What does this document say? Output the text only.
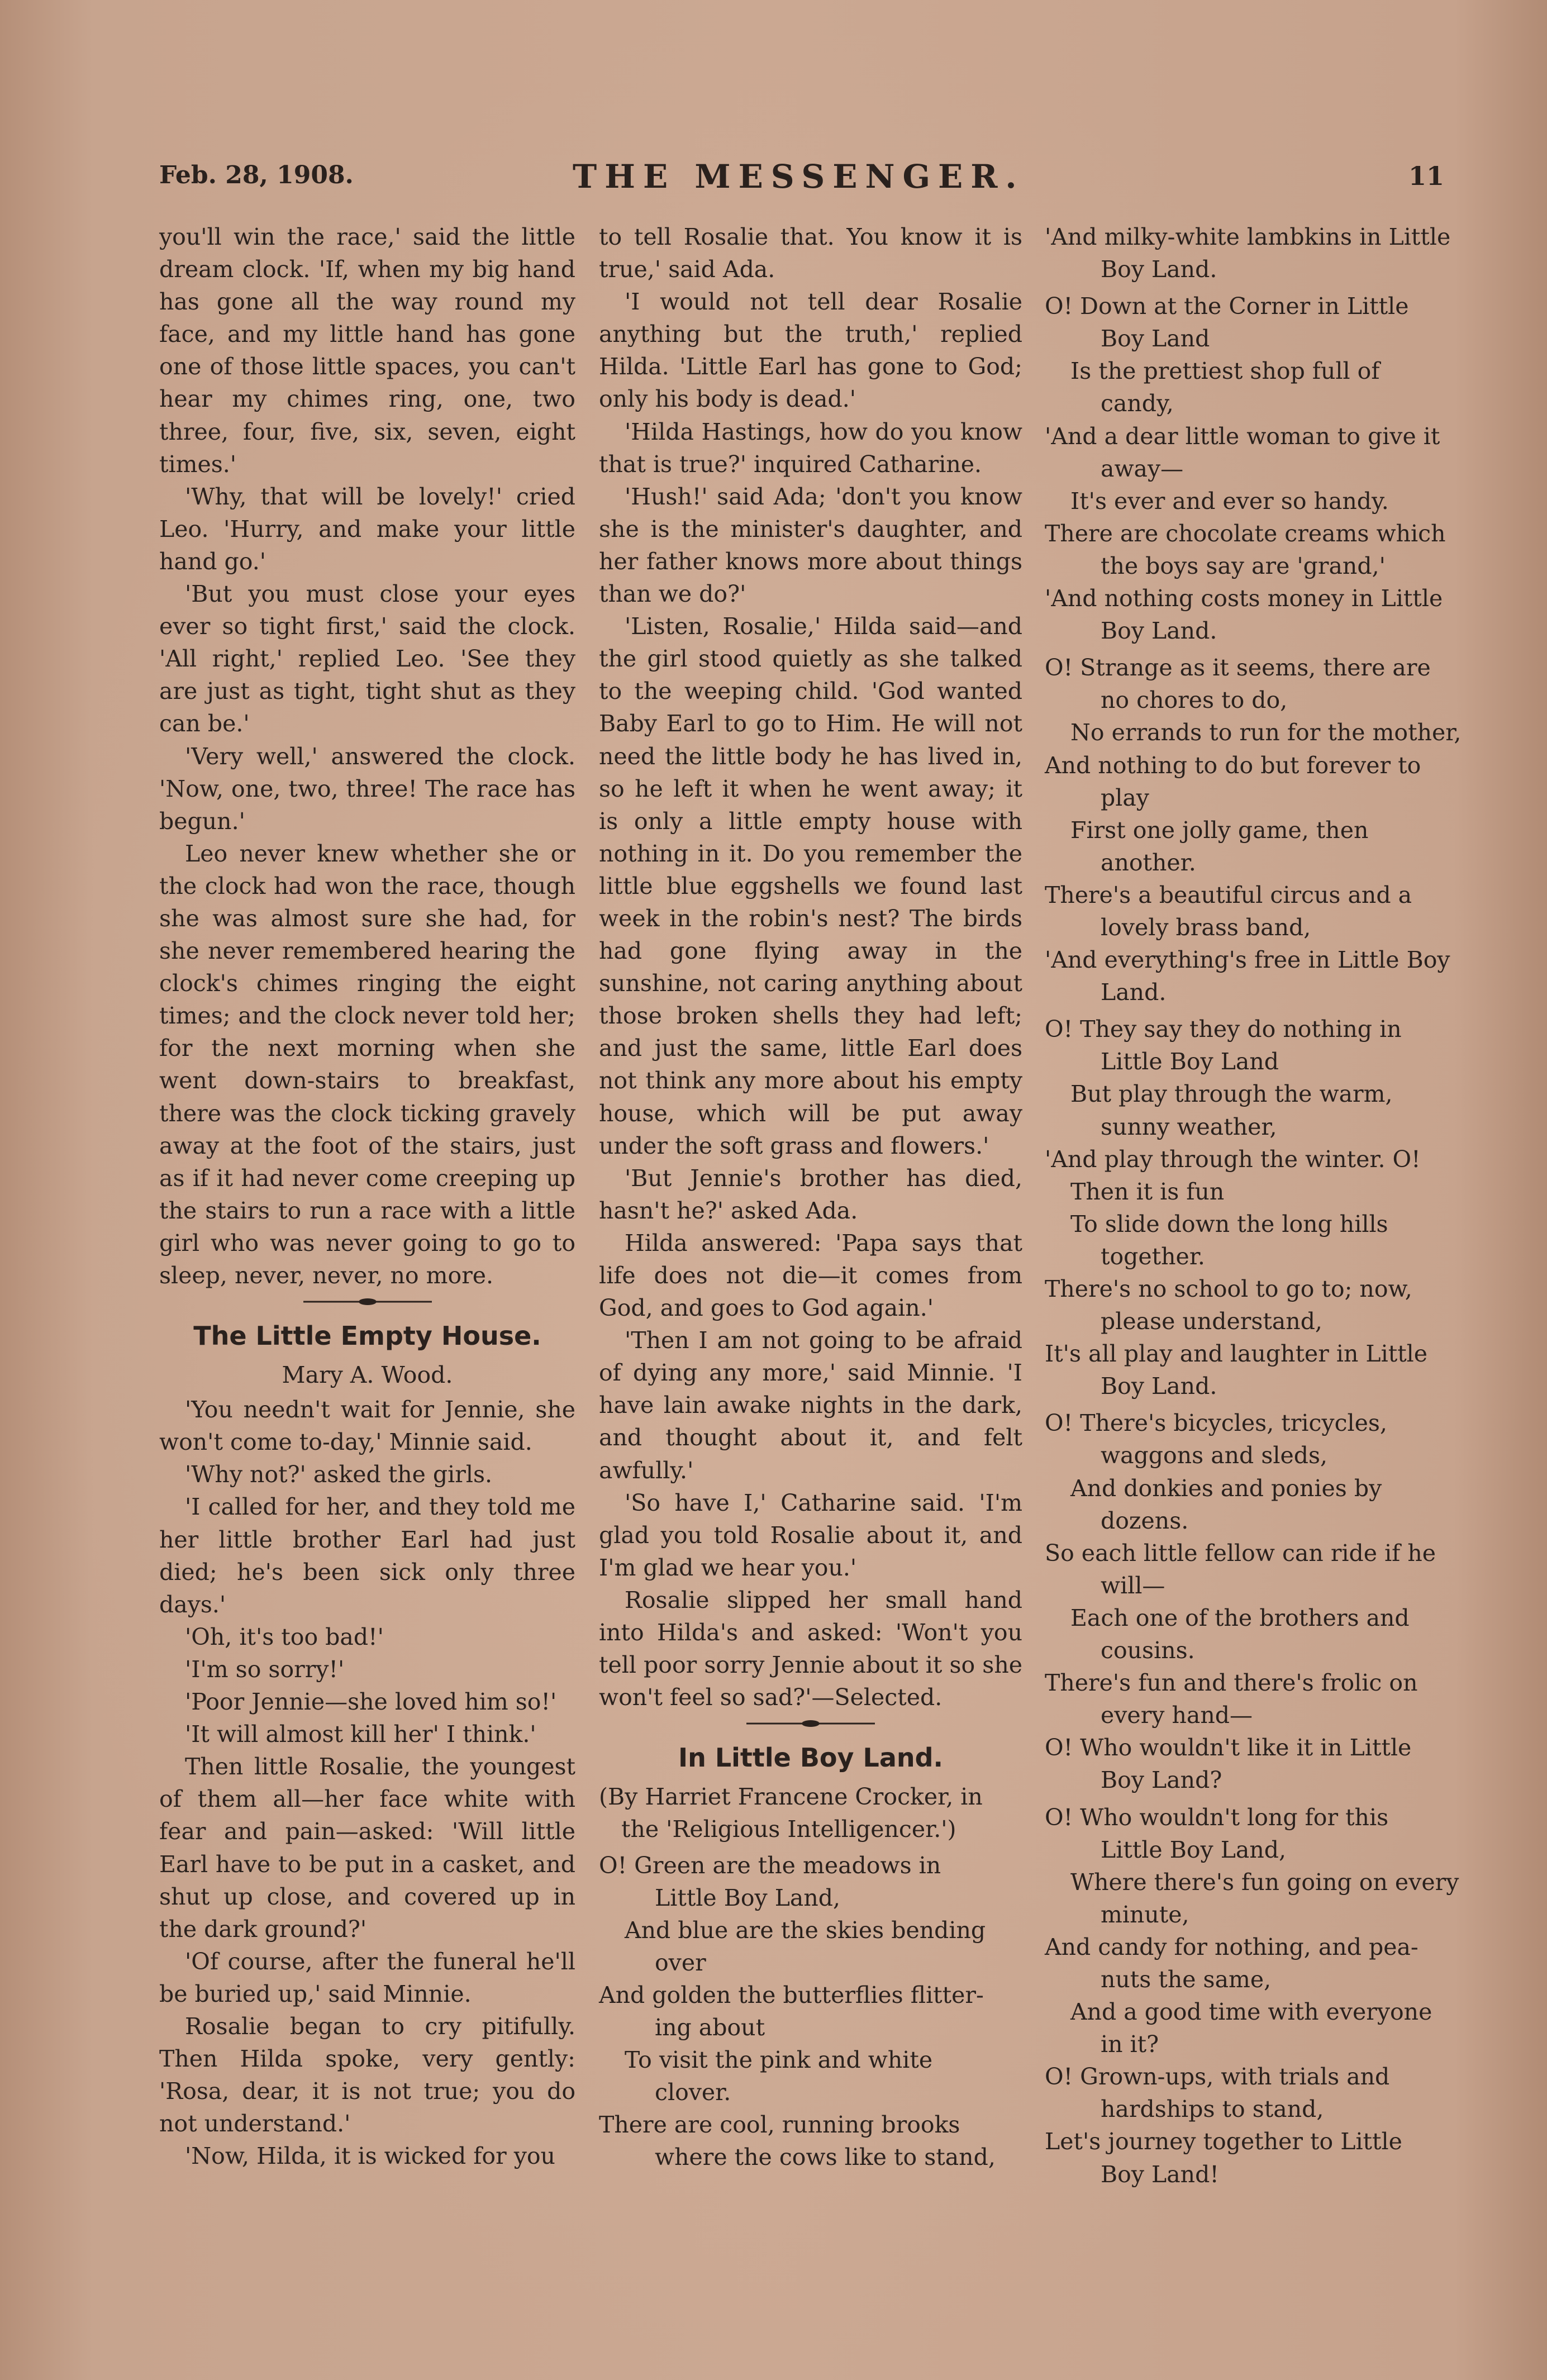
Feb. 28, 1908.	THE MESSENGER.	11

you'll win the race,' said the little dream clock. 'If, when my big hand has gone all the way round my face, and my little hand has gone one of those little spaces, you can't hear my chimes ring, one, two three, four, five, six, seven, eight times.'

'Why, that will be lovely!' cried Leo. 'Hurry, and make your little hand go.'

'But you must close your eyes ever so tight first,' said the clock. 'All right,' replied Leo. 'See they are just as tight, tight shut as they can be.'

'Very well,' answered the clock. 'Now, one, two, three! The race has begun.'

Leo never knew whether she or the clock had won the race, though she was almost sure she had, for she never remembered hearing the clock's chimes ringing the eight times; and the clock never told her; for the next morning when she went down-stairs to breakfast, there was the clock ticking gravely away at the foot of the stairs, just as if it had never come creeping up the stairs to run a race with a little girl who was never going to go to sleep, never, never, no more.

The Little Empty House.

Mary A. Wood.

'You needn't wait for Jennie, she won't come to-day,' Minnie said.

'Why not?' asked the girls.

'I called for her, and they told me her little brother Earl had just died; he's been sick only three days.'

'Oh, it's too bad!'

'I'm so sorry!'

'Poor Jennie—she loved him so!'

'It will almost kill her' I think.'

Then little Rosalie, the youngest of them all—her face white with fear and pain—asked: 'Will little Earl have to be put in a casket, and shut up close, and covered up in the dark ground?'

'Of course, after the funeral he'll be buried up,' said Minnie.

Rosalie began to cry pitifully. Then Hilda spoke, very gently: 'Rosa, dear, it is not true; you do not understand.'

'Now, Hilda, it is wicked for you

to tell Rosalie that. You know it is true,' said Ada.

'I would not tell dear Rosalie anything but the truth,' replied Hilda. 'Little Earl has gone to God; only his body is dead.'

'Hilda Hastings, how do you know that is true?' inquired Catharine.

'Hush!' said Ada; 'don't you know she is the minister's daughter, and her father knows more about things than we do?'

'Listen, Rosalie,' Hilda said—and the girl stood quietly as she talked to the weeping child. 'God wanted Baby Earl to go to Him. He will not need the little body he has lived in, so he left it when he went away; it is only a little empty house with nothing in it. Do you remember the little blue eggshells we found last week in the robin's nest? The birds had gone flying away in the sunshine, not caring anything about those broken shells they had left; and just the same, little Earl does not think any more about his empty house, which will be put away under the soft grass and flowers.'

'But Jennie's brother has died, hasn't he?' asked Ada.

Hilda answered: 'Papa says that life does not die—it comes from God, and goes to God again.'

'Then I am not going to be afraid of dying any more,' said Minnie. 'I have lain awake nights in the dark, and thought about it, and felt awfully.'

'So have I,' Catharine said. 'I'm glad you told Rosalie about it, and I'm glad we hear you.'

Rosalie slipped her small hand into Hilda's and asked: 'Won't you tell poor sorry Jennie about it so she won't feel so sad?'—Selected.

In Little Boy Land.

(By Harriet Francene Crocker, in the 'Religious Intelligencer.')

O! Green are the meadows in

Little Boy Land,

And blue are the skies bending

over

And golden the butterflies flitter-

ing about

To visit the pink and white

clover.

There are cool, running brooks

where the cows like to stand,

'And milky-white lambkins in Little

Boy Land.

O! Down at the Corner in Little

Boy Land

Is the prettiest shop full of

candy,

'And a dear little woman to give it

away—

It's ever and ever so handy.

There are chocolate creams which

the boys say are 'grand,'

'And nothing costs money in Little

Boy Land.

O! Strange as it seems, there are

no chores to do,

No errands to run for the mother,

And nothing to do but forever to

play

First one jolly game, then

another.

There's a beautiful circus and a

lovely brass band,

'And everything's free in Little Boy

Land.

O! They say they do nothing in

Little Boy Land

But play through the warm,

sunny weather,

'And play through the winter. O!

Then it is fun

To slide down the long hills

together.

There's no school to go to; now,

please understand,

It's all play and laughter in Little

Boy Land.

O! There's bicycles, tricycles,

waggons and sleds,

And donkies and ponies by

dozens.

So each little fellow can ride if he

will—

Each one of the brothers and

cousins.

There's fun and there's frolic on

every hand—

O! Who wouldn't like it in Little

Boy Land?

O! Who wouldn't long for this

Little Boy Land,

Where there's fun going on every

minute,

And candy for nothing, and pea-

nuts the same,

And a good time with everyone

in it?

O! Grown-ups, with trials and

hardships to stand,

Let's journey together to Little

Boy Land!
